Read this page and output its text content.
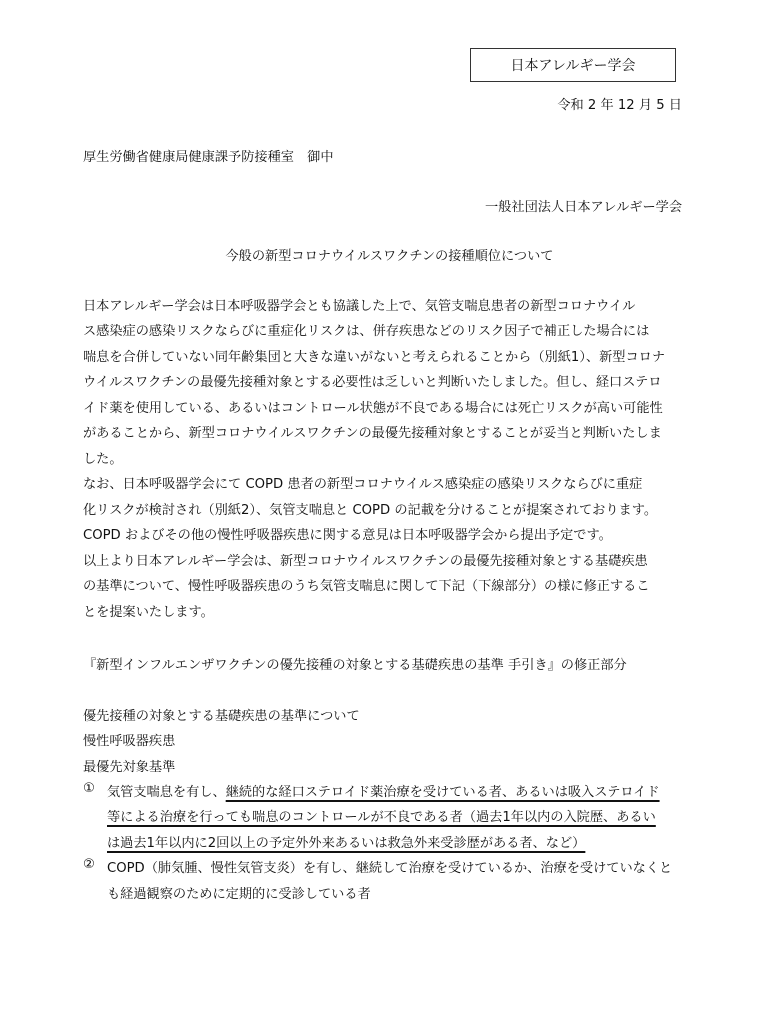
日本アレルギー学会
令和 2 年 12 月 5 日
厚生労働省健康局健康課予防接種室　御中
一般社団法人日本アレルギー学会
今般の新型コロナウイルスワクチンの接種順位について
日本アレルギー学会は日本呼吸器学会とも協議した上で、気管支喘息患者の新型コロナウイル
ス感染症の感染リスクならびに重症化リスクは、併存疾患などのリスク因子で補正した場合には
喘息を合併していない同年齢集団と大きな違いがないと考えられることから（別紙1）、新型コロナ
ウイルスワクチンの最優先接種対象とする必要性は乏しいと判断いたしました。但し、経口ステロ
イド薬を使用している、あるいはコントロール状態が不良である場合には死亡リスクが高い可能性
があることから、新型コロナウイルスワクチンの最優先接種対象とすることが妥当と判断いたしま
した。
なお、日本呼吸器学会にて COPD 患者の新型コロナウイルス感染症の感染リスクならびに重症
化リスクが検討され（別紙2）、気管支喘息と COPD の記載を分けることが提案されております。
COPD およびその他の慢性呼吸器疾患に関する意見は日本呼吸器学会から提出予定です。
以上より日本アレルギー学会は、新型コロナウイルスワクチンの最優先接種対象とする基礎疾患
の基準について、慢性呼吸器疾患のうち気管支喘息に関して下記（下線部分）の様に修正するこ
とを提案いたします。
『新型インフルエンザワクチンの優先接種の対象とする基礎疾患の基準 手引き』の修正部分
優先接種の対象とする基礎疾患の基準について
慢性呼吸器疾患
最優先対象基準
① 気管支喘息を有し、継続的な経口ステロイド薬治療を受けている者、あるいは吸入ステロイド
等による治療を行っても喘息のコントロールが不良である者（過去1年以内の入院歴、あるい
は過去1年以内に2回以上の予定外外来あるいは救急外来受診歴がある者、など）
② COPD（肺気腫、慢性気管支炎）を有し、継続して治療を受けているか、治療を受けていなくと
も経過観察のために定期的に受診している者
